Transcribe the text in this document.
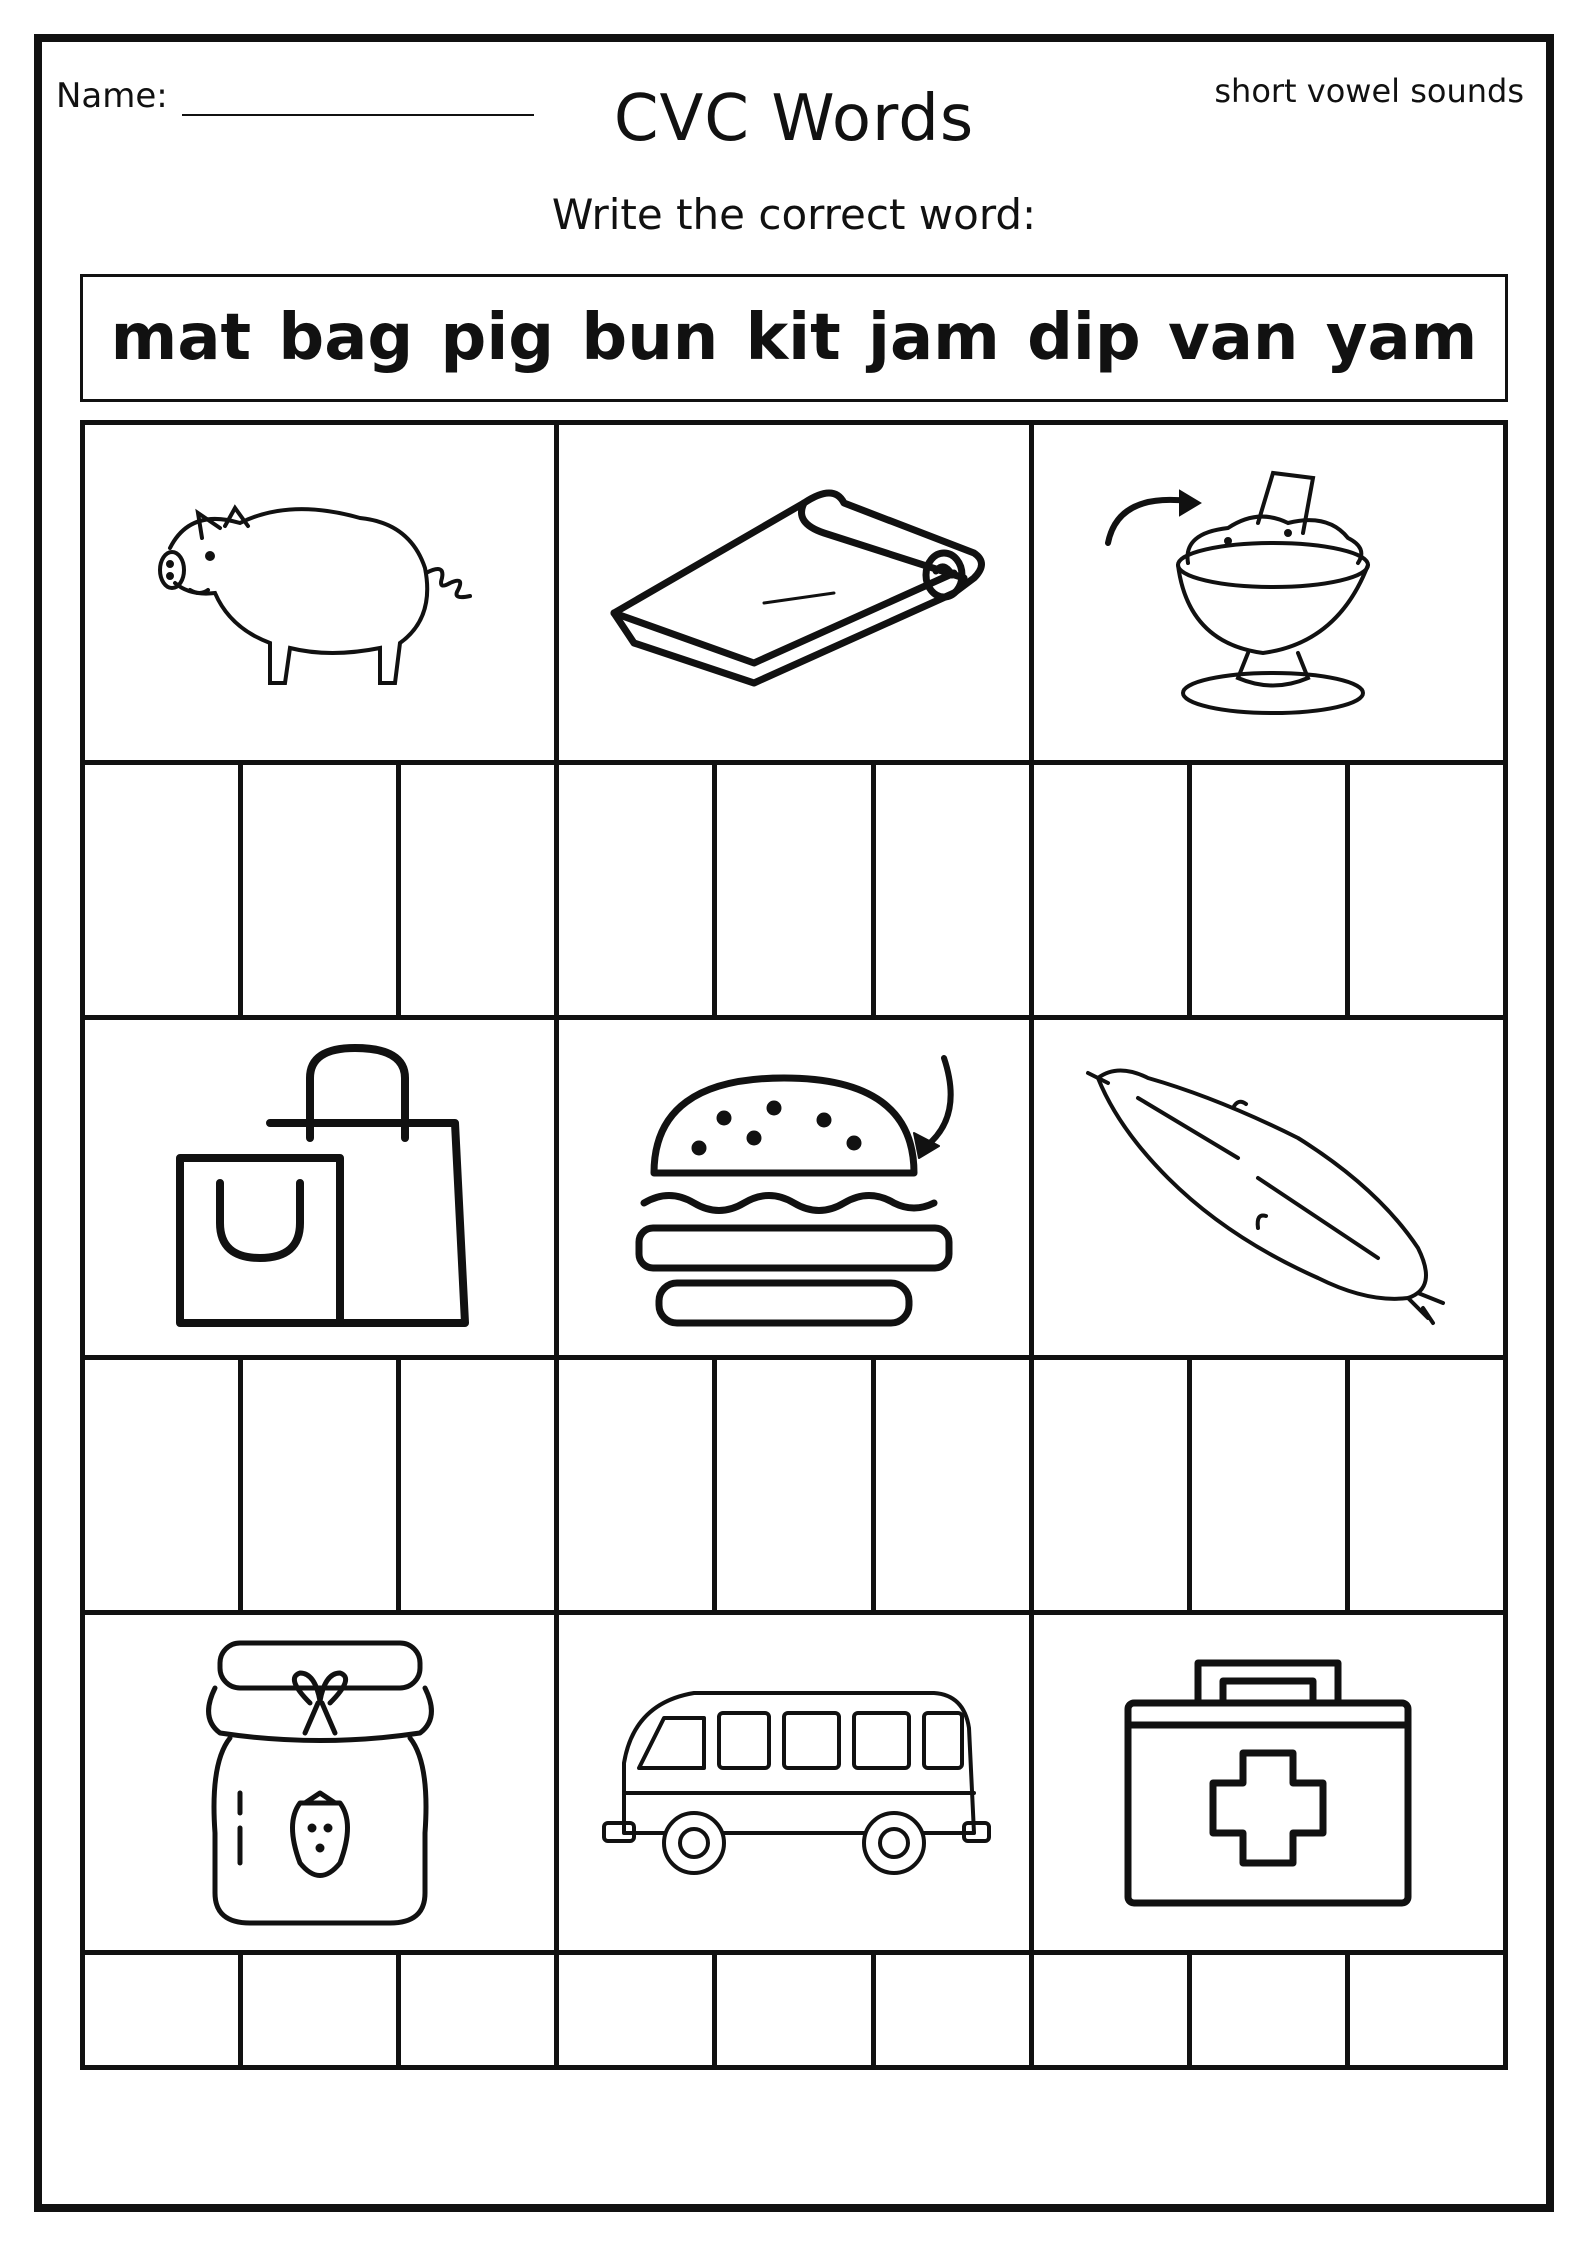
Name:	CVC Words	short vowel sounds
Write the correct word:
mat bag pig bun kit jam dip van yam
